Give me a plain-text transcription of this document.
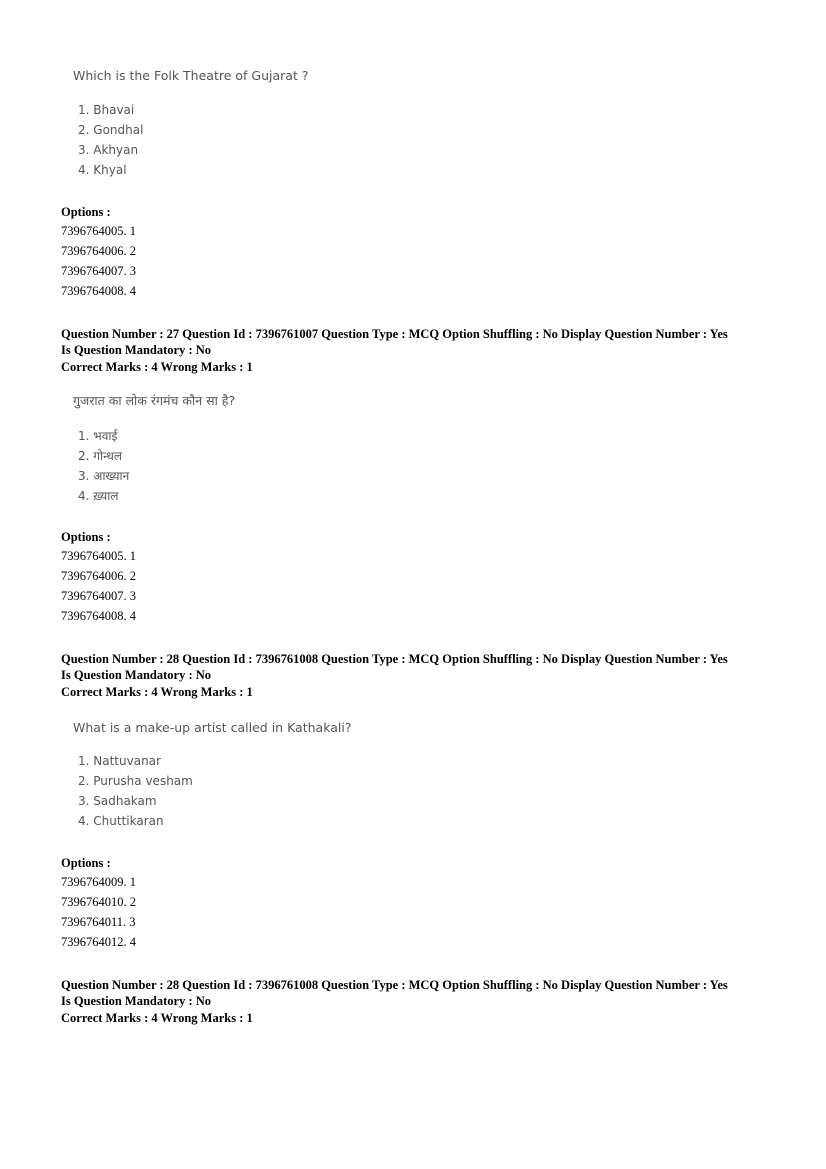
Which is the Folk Theatre of Gujarat ?
1. Bhavai
2. Gondhal
3. Akhyan
4. Khyal
Options :
7396764005. 1
7396764006. 2
7396764007. 3
7396764008. 4
Question Number : 27 Question Id : 7396761007 Question Type : MCQ Option Shuffling : No Display Question Number : Yes
Is Question Mandatory : No
Correct Marks : 4 Wrong Marks : 1
गुजरात का लोक रंगमंच कौन सा है?
1. भवाई
2. गोन्धल
3. आख्यान
4. ख़्याल
Options :
7396764005. 1
7396764006. 2
7396764007. 3
7396764008. 4
Question Number : 28 Question Id : 7396761008 Question Type : MCQ Option Shuffling : No Display Question Number : Yes
Is Question Mandatory : No
Correct Marks : 4 Wrong Marks : 1
What is a make-up artist called in Kathakali?
1. Nattuvanar
2. Purusha vesham
3. Sadhakam
4. Chuttikaran
Options :
7396764009. 1
7396764010. 2
7396764011. 3
7396764012. 4
Question Number : 28 Question Id : 7396761008 Question Type : MCQ Option Shuffling : No Display Question Number : Yes
Is Question Mandatory : No
Correct Marks : 4 Wrong Marks : 1
